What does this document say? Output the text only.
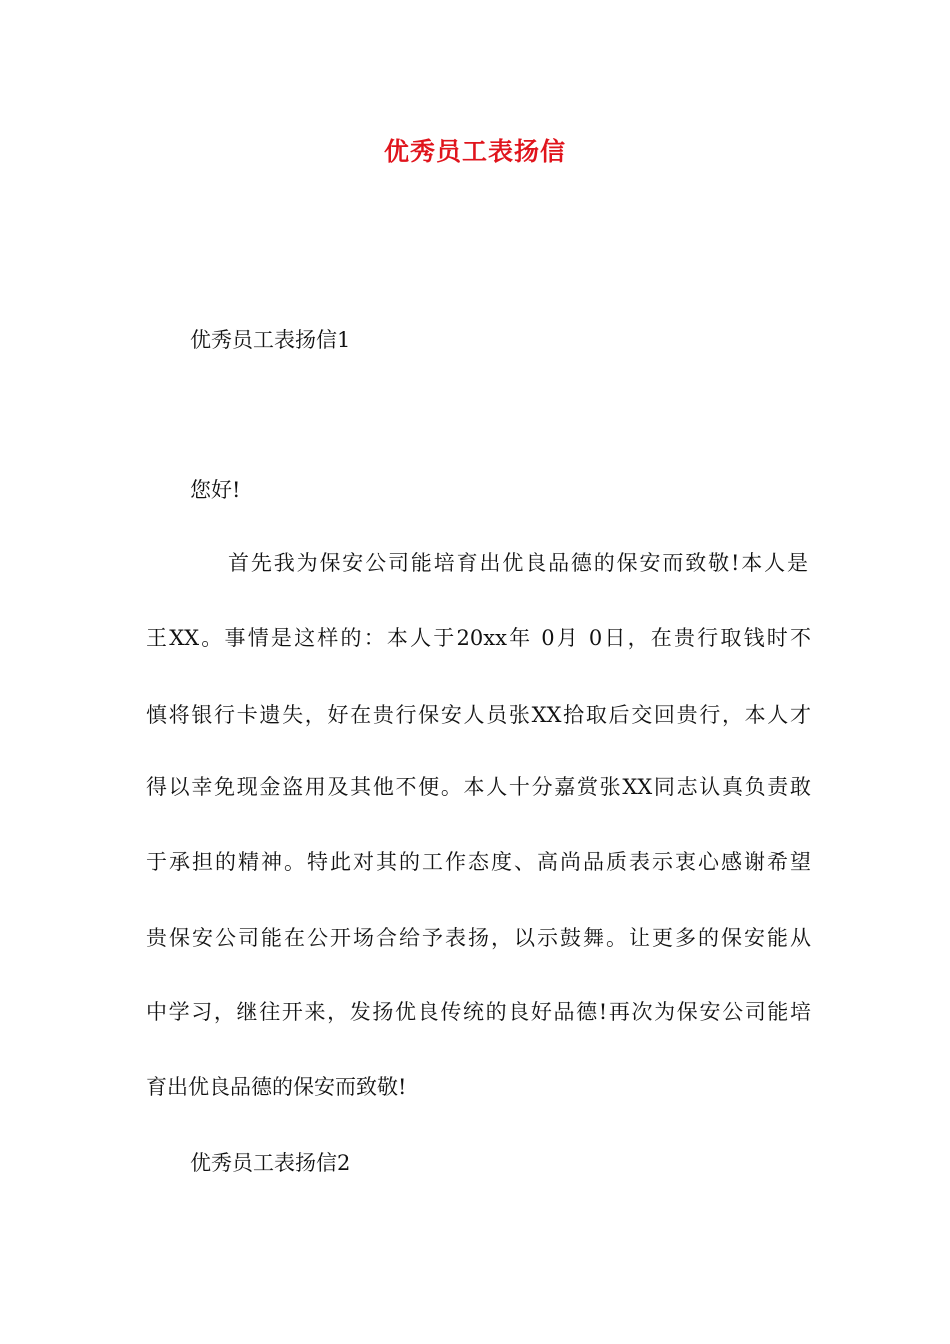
优秀员工表扬信
优秀员工表扬信1
您好!
首先我为保安公司能培育出优良品德的保安而致敬!本人是
王XX。事情是这样的：本人于20xx年 0月 0日，在贵行取钱时不
慎将银行卡遗失，好在贵行保安人员张XX拾取后交回贵行，本人才
得以幸免现金盗用及其他不便。本人十分嘉赏张XX同志认真负责敢
于承担的精神。特此对其的工作态度、高尚品质表示衷心感谢希望
贵保安公司能在公开场合给予表扬，以示鼓舞。让更多的保安能从
中学习，继往开来，发扬优良传统的良好品德!再次为保安公司能培
育出优良品德的保安而致敬!
优秀员工表扬信2
